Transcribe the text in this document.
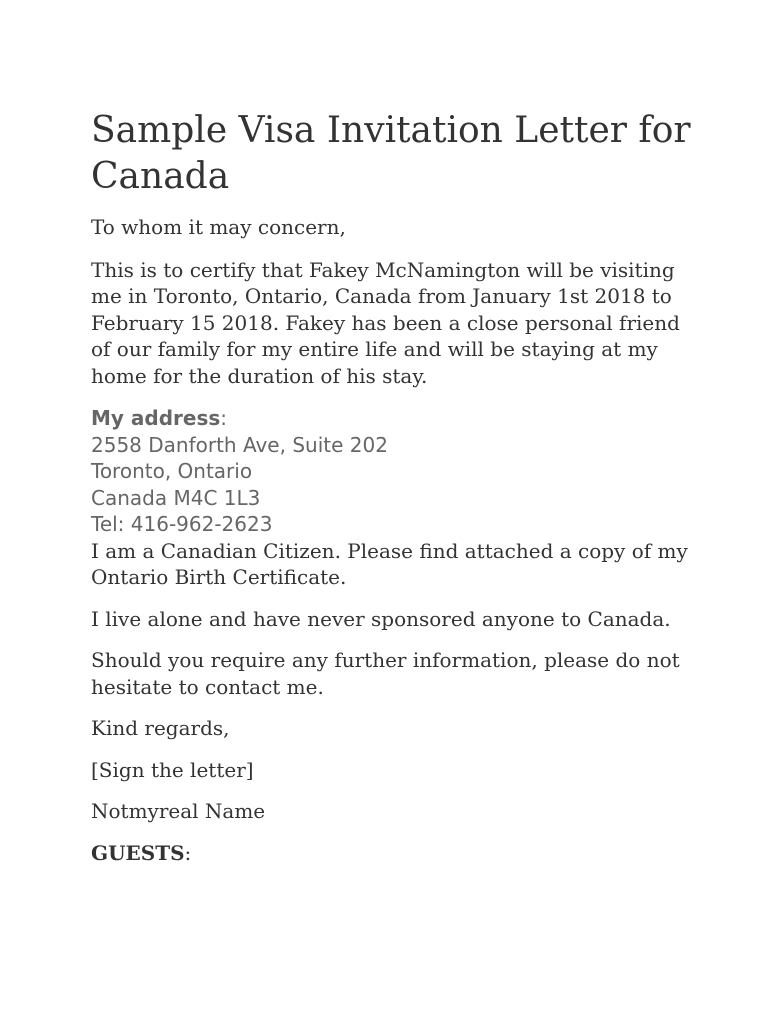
Sample Visa Invitation Letter for Canada

To whom it may concern,

This is to certify that Fakey McNamington will be visiting me in Toronto, Ontario, Canada from January 1st 2018 to February 15 2018. Fakey has been a close personal friend of our family for my entire life and will be staying at my home for the duration of his stay.

My address:
2558 Danforth Ave, Suite 202
Toronto, Ontario
Canada M4C 1L3
Tel: 416-962-2623

I am a Canadian Citizen. Please find attached a copy of my Ontario Birth Certificate.

I live alone and have never sponsored anyone to Canada.

Should you require any further information, please do not hesitate to contact me.

Kind regards,

[Sign the letter]

Notmyreal Name

GUESTS:
